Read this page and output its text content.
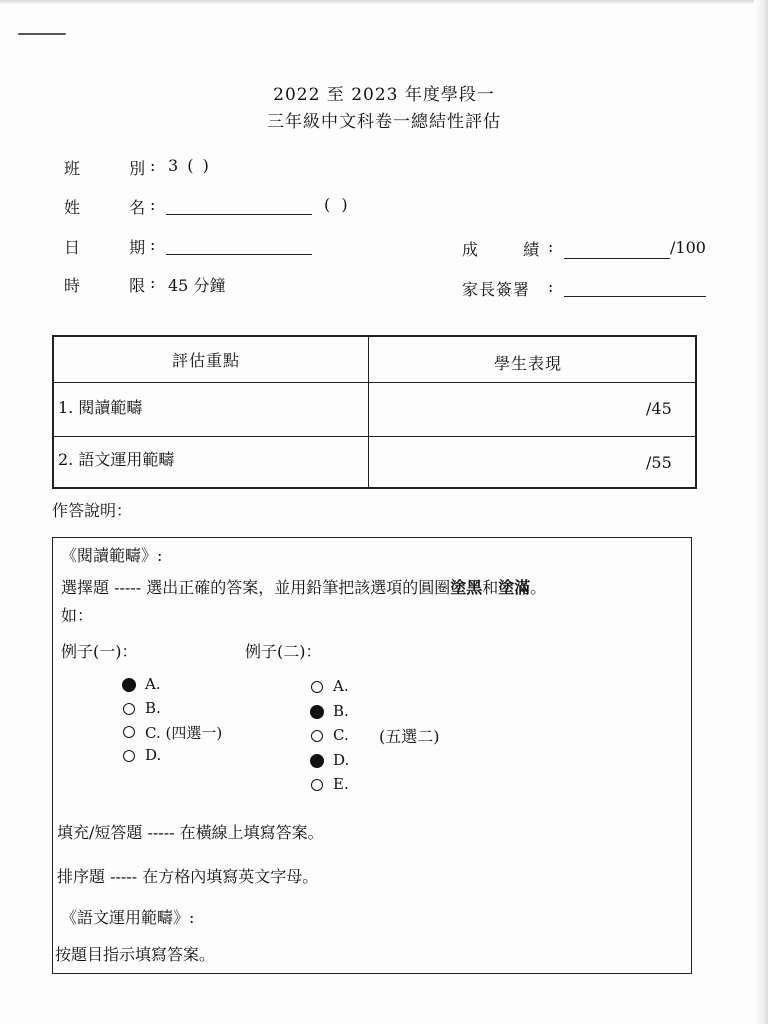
2022 至 2023 年度學段一
三年級中文科卷一總結性評估
班	別 : 3 ( )
姓	名 :	( )
日	期 :	成	績 :	/100
時	限 : 45 分鐘	家長簽署 :
評估重點	學生表現
1. 閱讀範疇	/45
2. 語文運用範疇	/55
作答說明：
《閱讀範疇》:
選擇題 ----- 選出正確的答案，並用鉛筆把該選項的圓圈塗黑和塗滿。
如：
例子(一)：	例子(二)：
A.
B.
C. (四選一)
D.
A.
B.
C.
D.
E.
(五選二)
填充/短答題 ----- 在橫線上填寫答案。
排序題 ----- 在方格內填寫英文字母。
《語文運用範疇》:
按題目指示填寫答案。
